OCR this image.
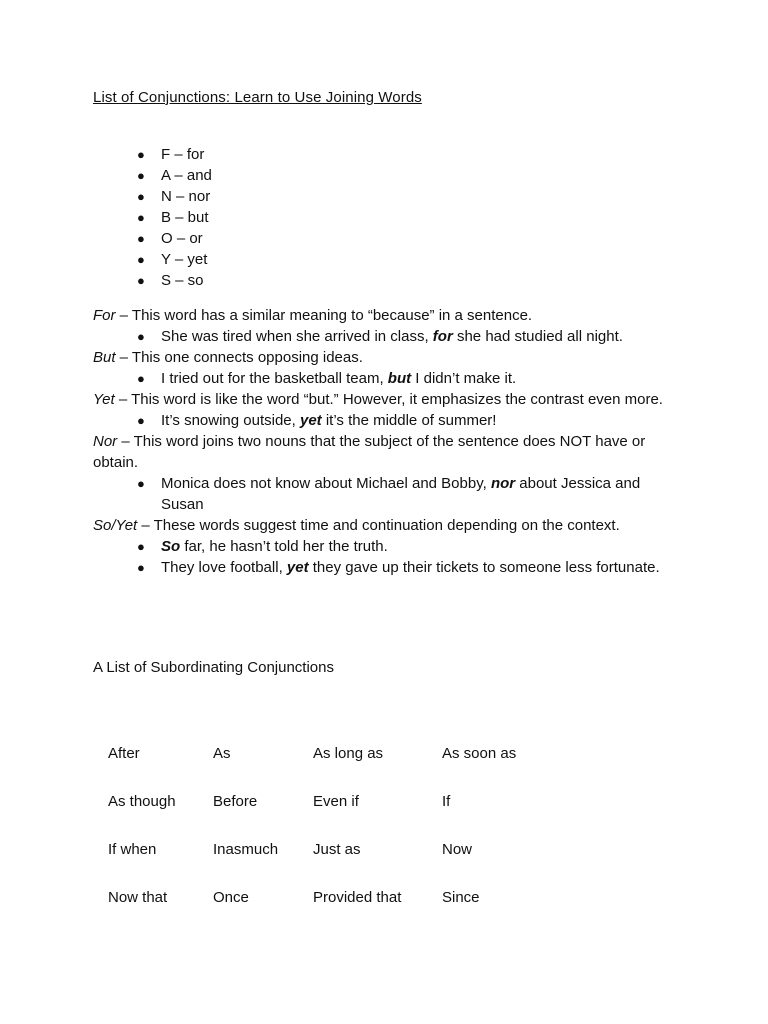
List of Conjunctions: Learn to Use Joining Words
● F – for
● A – and
● N – nor
● B – but
● O – or
● Y – yet
● S – so

For – This word has a similar meaning to “because” in a sentence.

● She was tired when she arrived in class, for she had studied all night.

But – This one connects opposing ideas.

● I tried out for the basketball team, but I didn’t make it.

Yet – This word is like the word “but.” However, it emphasizes the contrast even more.

● It’s snowing outside, yet it’s the middle of summer!

Nor – This word joins two nouns that the subject of the sentence does NOT have or obtain.

● Monica does not know about Michael and Bobby, nor about Jessica and Susan

So/Yet – These words suggest time and continuation depending on the context.

● So far, he hasn’t told her the truth.

● They love football, yet they gave up their tickets to someone less fortunate.

A List of Subordinating Conjunctions
After	As	As long as	As soon as
As though	Before	Even if	If
If when	Inasmuch	Just as	Now
Now that	Once	Provided that	Since
